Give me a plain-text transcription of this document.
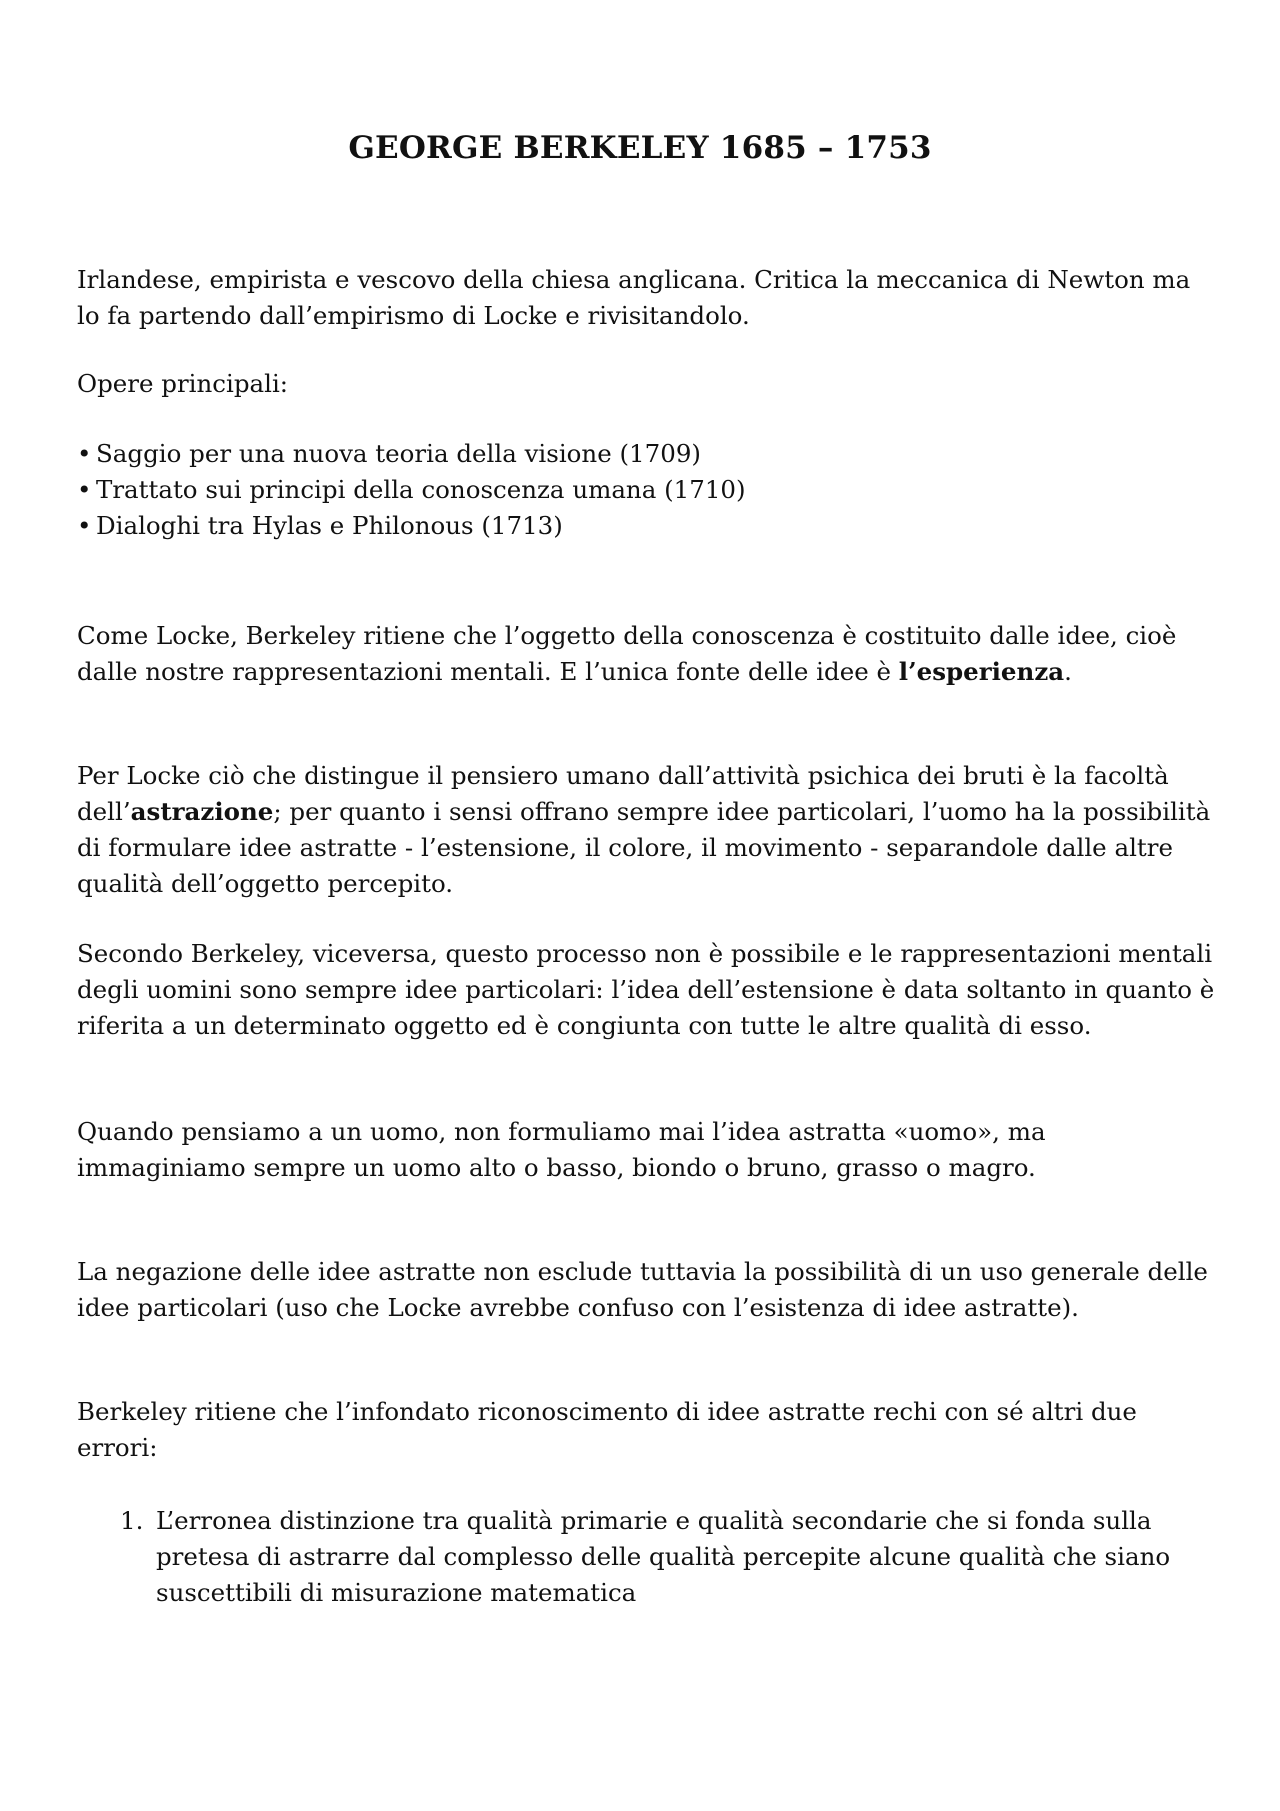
GEORGE BERKELEY 1685 – 1753

Irlandese, empirista e vescovo della chiesa anglicana. Critica la meccanica di Newton ma lo fa partendo dall’empirismo di Locke e rivisitandolo.

Opere principali:

• Saggio per una nuova teoria della visione (1709)
• Trattato sui principi della conoscenza umana (1710)
• Dialoghi tra Hylas e Philonous (1713)

Come Locke, Berkeley ritiene che l’oggetto della conoscenza è costituito dalle idee, cioè dalle nostre rappresentazioni mentali. E l’unica fonte delle idee è l’esperienza.

Per Locke ciò che distingue il pensiero umano dall’attività psichica dei bruti è la facoltà dell’astrazione; per quanto i sensi offrano sempre idee particolari, l’uomo ha la possibilità di formulare idee astratte - l’estensione, il colore, il movimento - separandole dalle altre qualità dell’oggetto percepito.

Secondo Berkeley, viceversa, questo processo non è possibile e le rappresentazioni mentali degli uomini sono sempre idee particolari: l’idea dell’estensione è data soltanto in quanto è riferita a un determinato oggetto ed è congiunta con tutte le altre qualità di esso.

Quando pensiamo a un uomo, non formuliamo mai l’idea astratta «uomo», ma immaginiamo sempre un uomo alto o basso, biondo o bruno, grasso o magro.

La negazione delle idee astratte non esclude tuttavia la possibilità di un uso generale delle idee particolari (uso che Locke avrebbe confuso con l’esistenza di idee astratte).

Berkeley ritiene che l’infondato riconoscimento di idee astratte rechi con sé altri due errori:

1. L’erronea distinzione tra qualità primarie e qualità secondarie che si fonda sulla pretesa di astrarre dal complesso delle qualità percepite alcune qualità che siano suscettibili di misurazione matematica
